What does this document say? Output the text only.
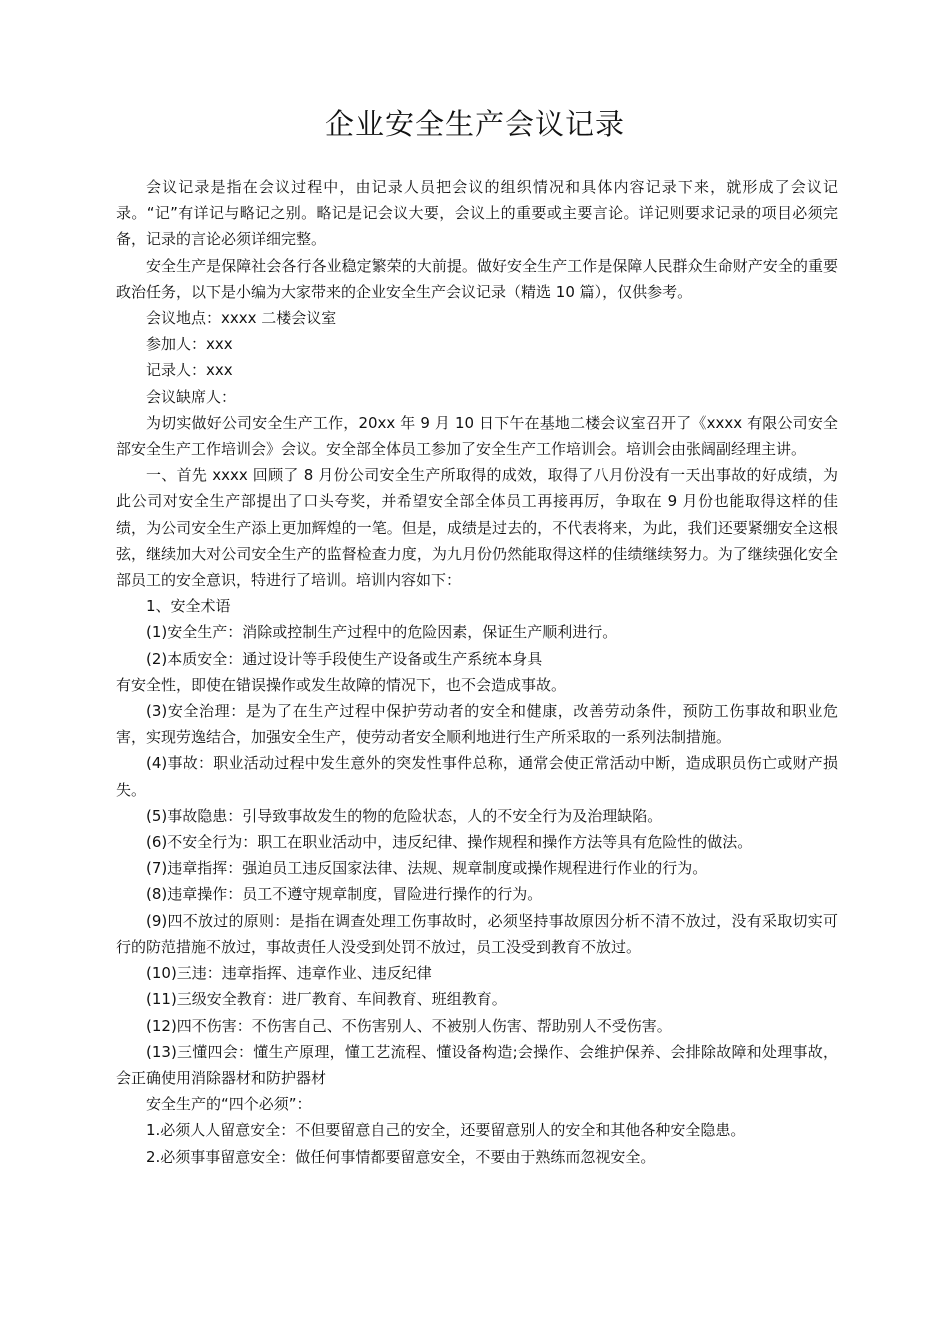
企业安全生产会议记录

会议记录是指在会议过程中，由记录人员把会议的组织情况和具体内容记录下来，就形成了会议记录。“记”有详记与略记之别。略记是记会议大要，会议上的重要或主要言论。详记则要求记录的项目必须完备，记录的言论必须详细完整。

安全生产是保障社会各行各业稳定繁荣的大前提。做好安全生产工作是保障人民群众生命财产安全的重要政治任务，以下是小编为大家带来的企业安全生产会议记录（精选 10 篇），仅供参考。

会议地点：xxxx 二楼会议室

参加人：xxx

记录人：xxx

会议缺席人：

为切实做好公司安全生产工作，20xx 年 9 月 10 日下午在基地二楼会议室召开了《xxxx 有限公司安全部安全生产工作培训会》会议。安全部全体员工参加了安全生产工作培训会。培训会由张阔副经理主讲。

一、首先 xxxx 回顾了 8 月份公司安全生产所取得的成效，取得了八月份没有一天出事故的好成绩，为此公司对安全生产部提出了口头夸奖，并希望安全部全体员工再接再厉，争取在 9 月份也能取得这样的佳绩，为公司安全生产添上更加辉煌的一笔。但是，成绩是过去的，不代表将来，为此，我们还要紧绷安全这根弦，继续加大对公司安全生产的监督检查力度，为九月份仍然能取得这样的佳绩继续努力。为了继续强化安全部员工的安全意识，特进行了培训。培训内容如下：

1、安全术语

(1)安全生产：消除或控制生产过程中的危险因素，保证生产顺利进行。

(2)本质安全：通过设计等手段使生产设备或生产系统本身具

有安全性，即使在错误操作或发生故障的情况下，也不会造成事故。

(3)安全治理：是为了在生产过程中保护劳动者的安全和健康，改善劳动条件，预防工伤事故和职业危害，实现劳逸结合，加强安全生产，使劳动者安全顺利地进行生产所采取的一系列法制措施。

(4)事故：职业活动过程中发生意外的突发性事件总称，通常会使正常活动中断，造成职员伤亡或财产损失。

(5)事故隐患：引导致事故发生的物的危险状态，人的不安全行为及治理缺陷。

(6)不安全行为：职工在职业活动中，违反纪律、操作规程和操作方法等具有危险性的做法。

(7)违章指挥：强迫员工违反国家法律、法规、规章制度或操作规程进行作业的行为。

(8)违章操作：员工不遵守规章制度，冒险进行操作的行为。

(9)四不放过的原则：是指在调查处理工伤事故时，必须坚持事故原因分析不清不放过，没有采取切实可行的防范措施不放过，事故责任人没受到处罚不放过，员工没受到教育不放过。

(10)三违：违章指挥、违章作业、违反纪律

(11)三级安全教育：进厂教育、车间教育、班组教育。

(12)四不伤害：不伤害自己、不伤害别人、不被别人伤害、帮助别人不受伤害。

(13)三懂四会：懂生产原理，懂工艺流程、懂设备构造;会操作、会维护保养、会排除故障和处理事故，会正确使用消除器材和防护器材

安全生产的“四个必须”：

1.必须人人留意安全：不但要留意自己的安全，还要留意别人的安全和其他各种安全隐患。

2.必须事事留意安全：做任何事情都要留意安全，不要由于熟练而忽视安全。
